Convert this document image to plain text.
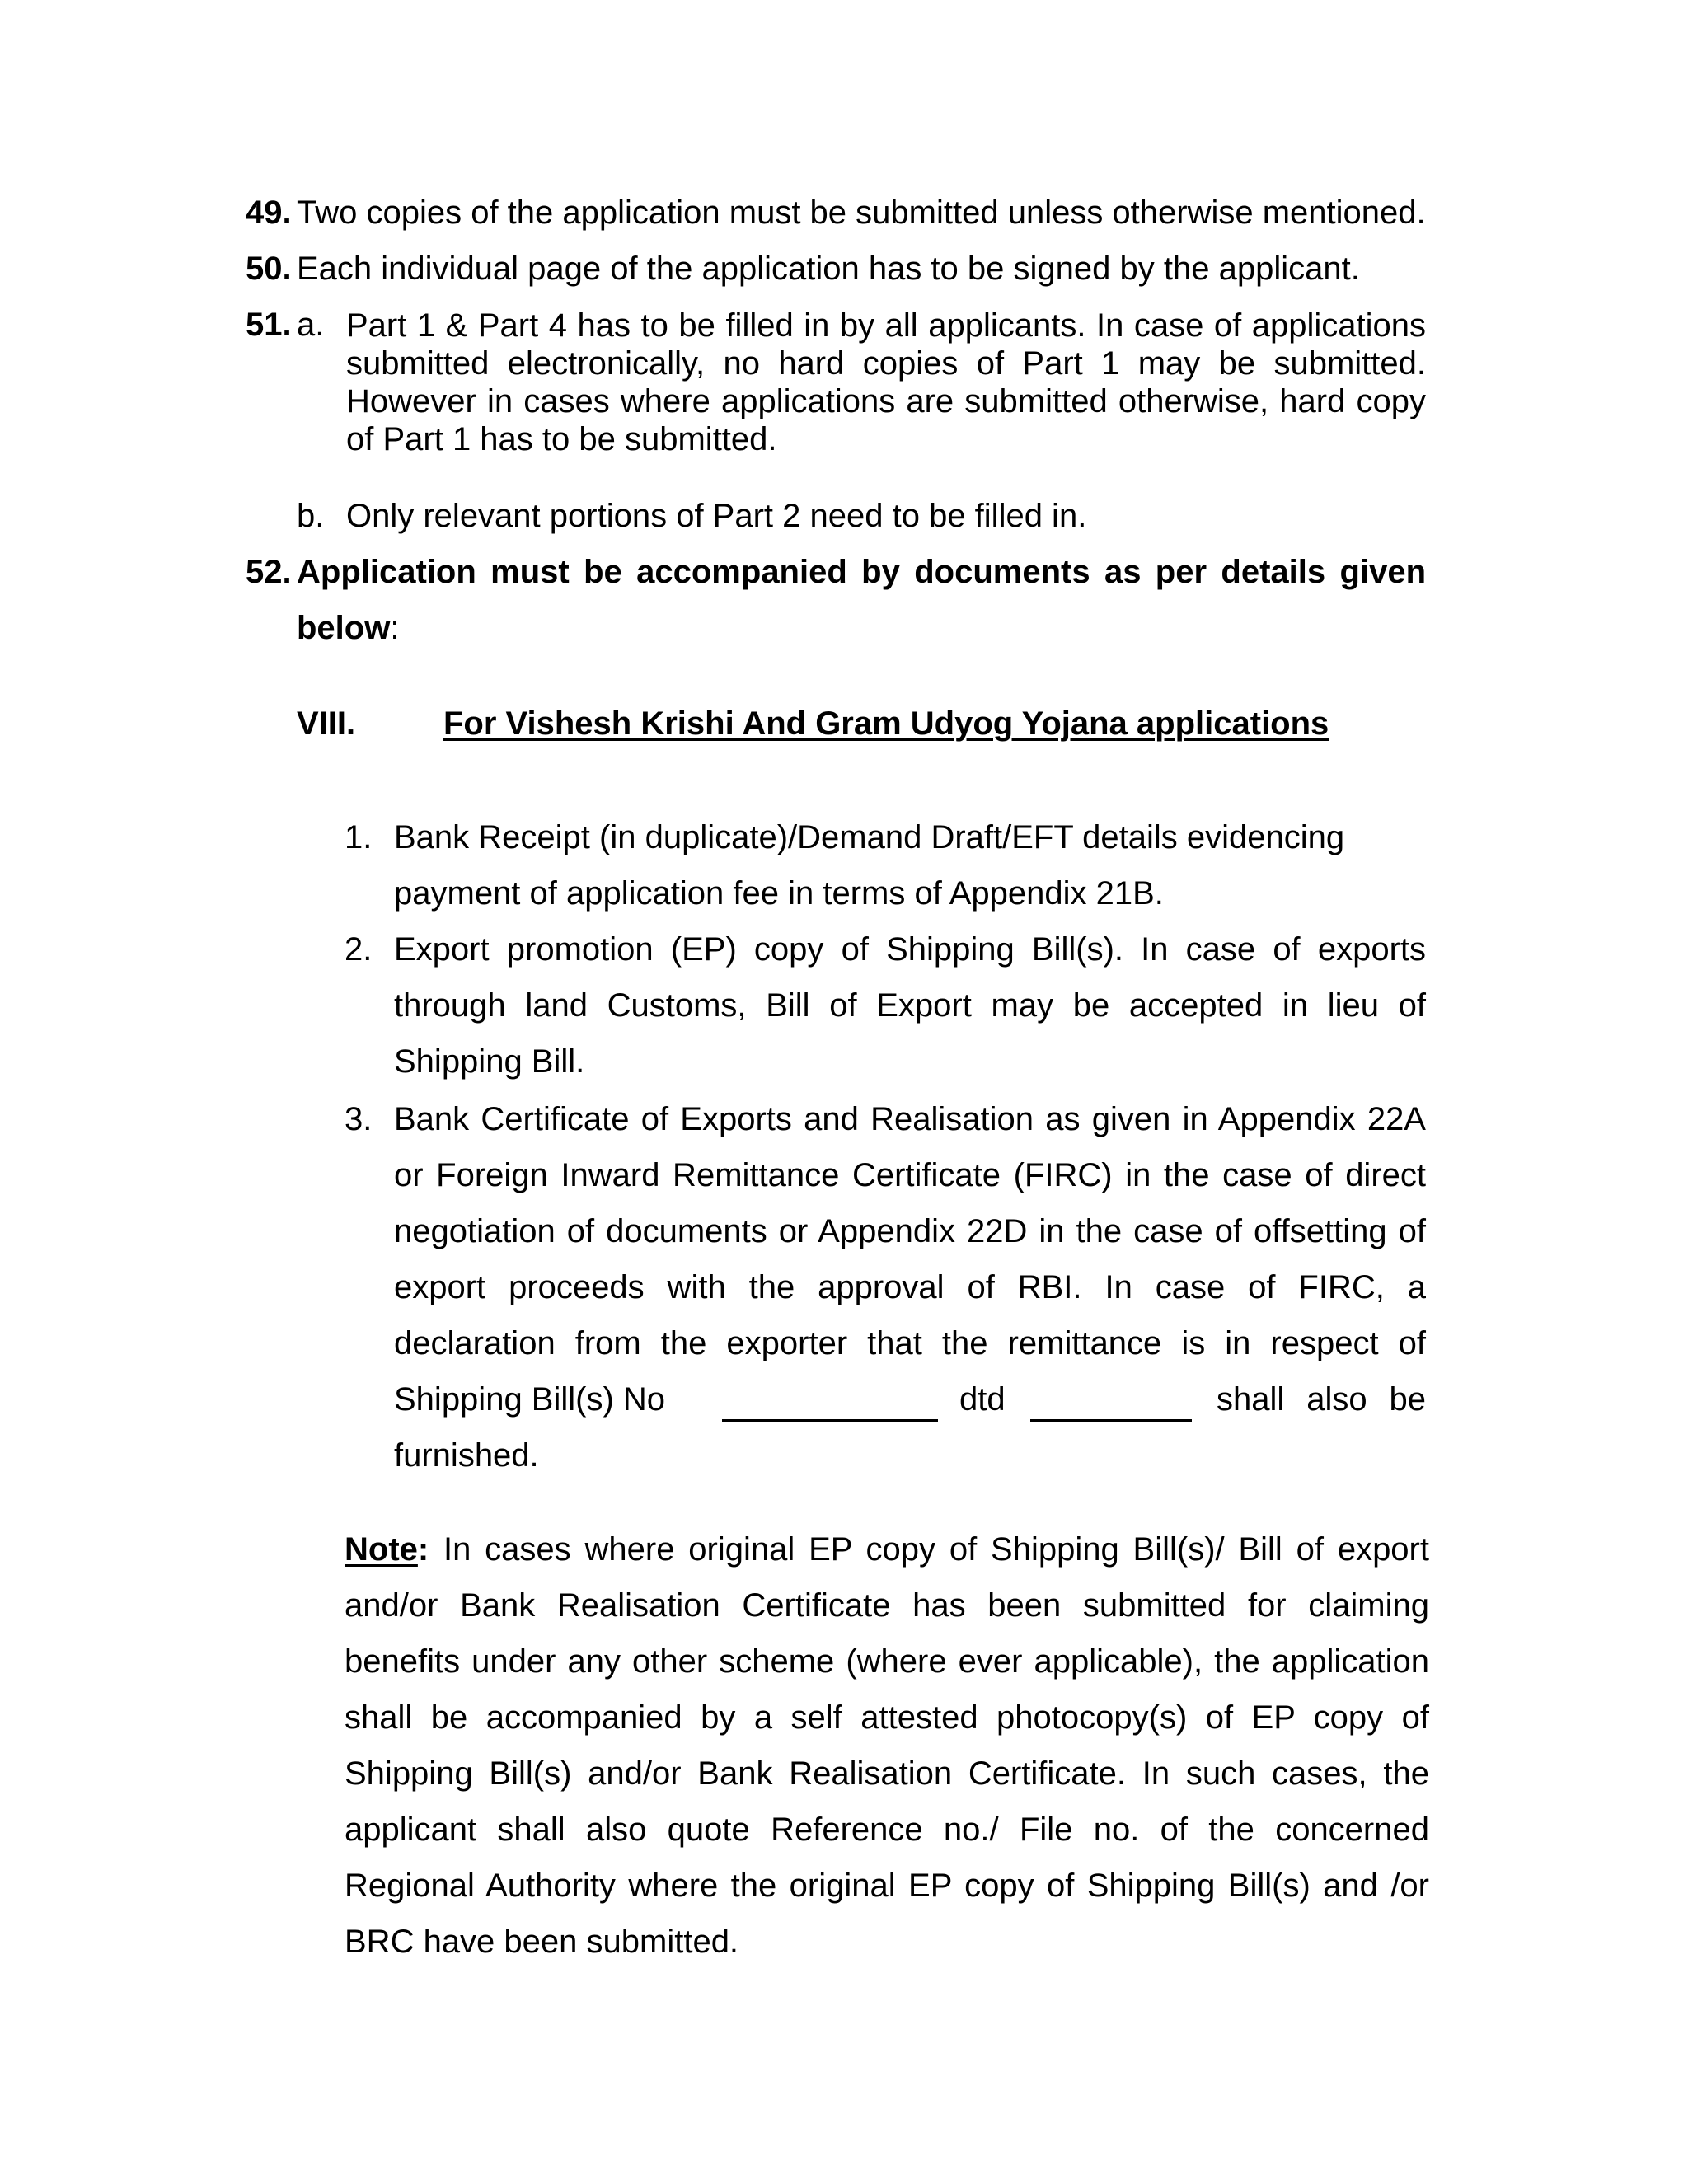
49. Two copies of the application must be submitted unless otherwise mentioned.
50. Each individual page of the application has to be signed by the applicant.
51. a. Part 1 & Part 4 has to be filled in by all applicants. In case of applications
submitted electronically, no hard copies of Part 1 may be submitted.
However in cases where applications are submitted otherwise, hard copy
of Part 1 has to be submitted.
b. Only relevant portions of Part 2 need to be filled in.
52. Application must be accompanied by documents as per details given
below:
VIII.	For Vishesh Krishi And Gram Udyog Yojana applications
1. Bank Receipt (in duplicate)/Demand Draft/EFT details evidencing
payment of application fee in terms of Appendix 21B.
2. Export promotion (EP) copy of Shipping Bill(s). In case of exports
through land Customs, Bill of Export may be accepted in lieu of
Shipping Bill.
3. Bank Certificate of Exports and Realisation as given in Appendix 22A
or Foreign Inward Remittance Certificate (FIRC) in the case of direct
negotiation of documents or Appendix 22D in the case of offsetting of
export proceeds with the approval of RBI. In case of FIRC, a
declaration from the exporter that the remittance is in respect of
Shipping Bill(s) No	dtd	shall also be
furnished.
Note: In cases where original EP copy of Shipping Bill(s)/ Bill of export
and/or Bank Realisation Certificate has been submitted for claiming
benefits under any other scheme (where ever applicable), the application
shall be accompanied by a self attested photocopy(s) of EP copy of
Shipping Bill(s) and/or Bank Realisation Certificate. In such cases, the
applicant shall also quote Reference no./ File no. of the concerned
Regional Authority where the original EP copy of Shipping Bill(s) and /or
BRC have been submitted.
